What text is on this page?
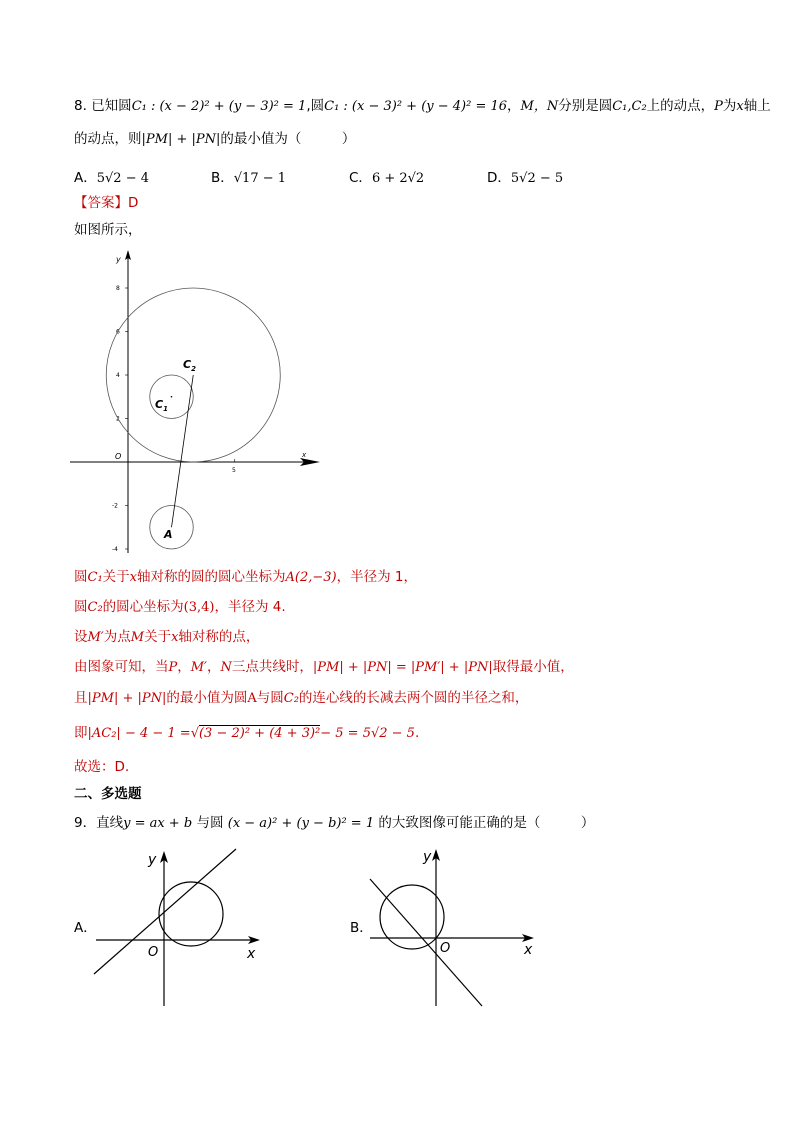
8. 已知圆C₁ : (x − 2)² + (y − 3)² = 1,圆C₁ : (x − 3)² + (y − 4)² = 16，M，N分别是圆C₁,C₂上的动点，P为x轴上
的动点，则|PM| + |PN|的最小值为（　　　）
A．5√2 − 4	B．√17 − 1	C．6 + 2√2	D．5√2 − 5
【答案】D
如图所示，
y
x
O
8
6
4
2
-2
-4
5
$C_2$
$C_1$
A
圆C₁关于x轴对称的圆的圆心坐标为A(2,−3)，半径为 1，
圆C₂的圆心坐标为(3,4)，半径为 4.
设M′为点M关于x轴对称的点，
由图象可知，当P，M′，N三点共线时，|PM| + |PN| = |PM′| + |PN|取得最小值，
且|PM| + |PN|的最小值为圆A与圆C₂的连心线的长减去两个圆的半径之和，
即|AC₂| − 4 − 1 =√(3 − 2)² + (4 + 3)²− 5 = 5√2 − 5.
故选：D.
二、多选题
9．直线y = ax + b 与圆 (x − a)² + (y − b)² = 1 的大致图像可能正确的是（　　　）
A．
y
x
O
B．
y
x
O
